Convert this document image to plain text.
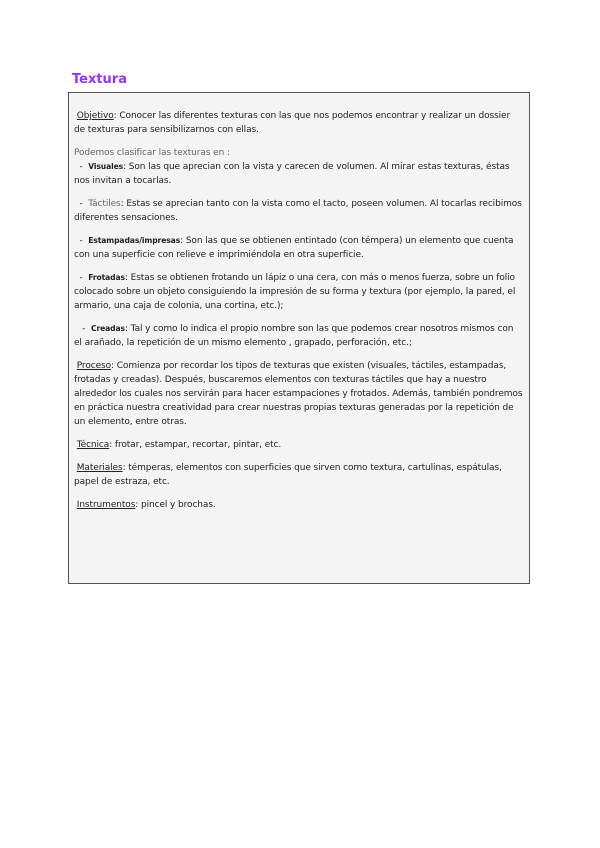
Textura

Objetivo: Conocer las diferentes texturas con las que nos podemos encontrar y realizar un dossier de texturas para sensibilizarnos con ellas.

Podemos clasificar las texturas en :

- Visuales: Son las que aprecian con la vista y carecen de volumen. Al mirar estas texturas, éstas nos invitan a tocarlas.

- Táctiles: Estas se aprecian tanto con la vista como el tacto, poseen volumen. Al tocarlas recibimos diferentes sensaciones.

- Estampadas/impresas: Son las que se obtienen entintado (con témpera) un elemento que cuenta con una superficie con relieve e imprimiéndola en otra superficie.

- Frotadas: Estas se obtienen frotando un lápiz o una cera, con más o menos fuerza, sobre un folio colocado sobre un objeto consiguiendo la impresión de su forma y textura (por ejemplo, la pared, el armario, una caja de colonia, una cortina, etc.);

- Creadas: Tal y como lo indica el propio nombre son las que podemos crear nosotros mismos con el arañado, la repetición de un mismo elemento , grapado, perforación, etc.;

Proceso: Comienza por recordar los tipos de texturas que existen (visuales, táctiles, estampadas, frotadas y creadas). Después, buscaremos elementos con texturas táctiles que hay a nuestro alrededor los cuales nos servirán para hacer estampaciones y frotados. Además, también pondremos en práctica nuestra creatividad para crear nuestras propias texturas generadas por la repetición de un elemento, entre otras.

Técnica: frotar, estampar, recortar, pintar, etc.

Materiales: témperas, elementos con superficies que sirven como textura, cartulinas, espátulas, papel de estraza, etc.

Instrumentos: pincel y brochas.
